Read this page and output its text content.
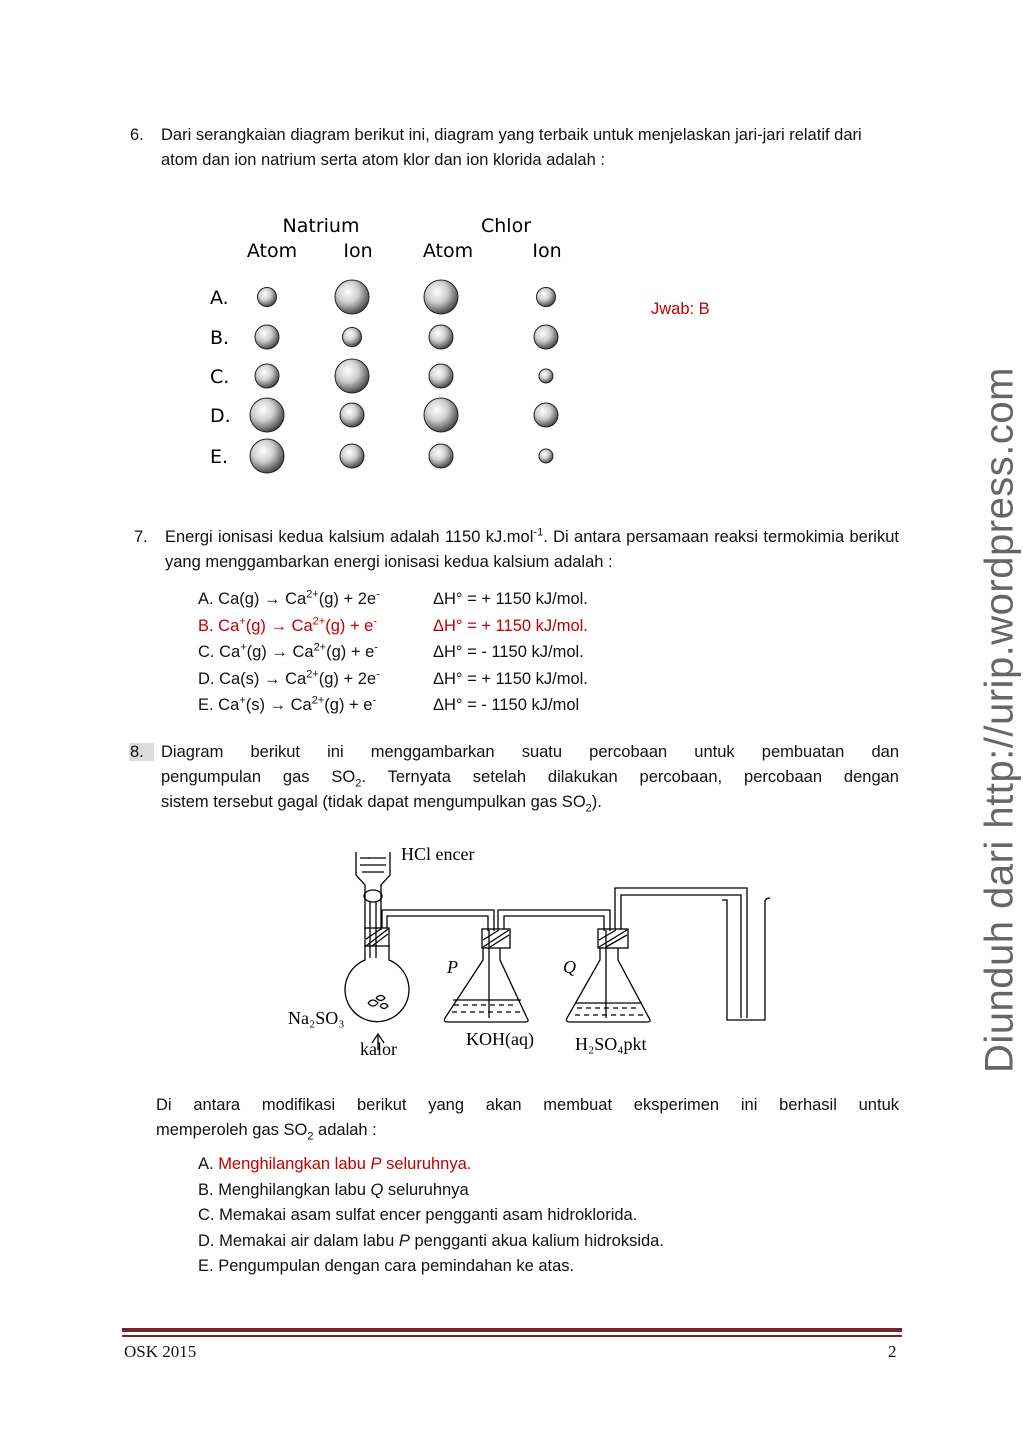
6. Dari serangkaian diagram berikut ini, diagram yang terbaik untuk menjelaskan jari-jari relatif dari atom dan ion natrium serta atom klor dan ion klorida adalah :
Natrium	Chlor
Atom Ion	Atom	Ion
A.
B.
C.
D.
E.
Jwab: B
7. Energi ionisasi kedua kalsium adalah 1150 kJ.mol$^{-1}$. Di antara persamaan reaksi termokimia berikut yang menggambarkan energi ionisasi kedua kalsium adalah :
A. $Ca(g) \to Ca^{2+}(g) + 2e^-$	ΔH° = + 1150 kJ/mol.
B. $Ca^+(g) \to Ca^{2+}(g) + e^-$	ΔH° = + 1150 kJ/mol.
C. $Ca^+(g) \to Ca^{2+}(g) + e^-$	ΔH° = - 1150 kJ/mol.
D. $Ca(s) \to Ca^{2+}(g) + 2e^-$	ΔH° = + 1150 kJ/mol.
E. $Ca^+(s) \to Ca^{2+}(g) + e^-$	ΔH° = - 1150 kJ/mol
8.	Diagram berikut ini menggambarkan suatu percobaan untuk pembuatan dan
pengumpulan gas $SO_2$. Ternyata setelah dilakukan percobaan, percobaan dengan
sistem tersebut gagal (tidak dapat mengumpulkan gas $SO_2$).
HCl encer
P	Q
Na₂SO₃
kalor	KOH(aq) H₂SO₄pkt
Di antara modifikasi berikut yang akan membuat eksperimen ini berhasil untuk
memperoleh gas $SO_2$ adalah :
A. Menghilangkan labu P seluruhnya.
B. Menghilangkan labu Q seluruhnya
C. Memakai asam sulfat encer pengganti asam hidroklorida.
D. Memakai air dalam labu P pengganti akua kalium hidroksida.
E. Pengumpulan dengan cara pemindahan ke atas.
Diunduh dari http://urip.wordpress.com
OSK 2015	2
